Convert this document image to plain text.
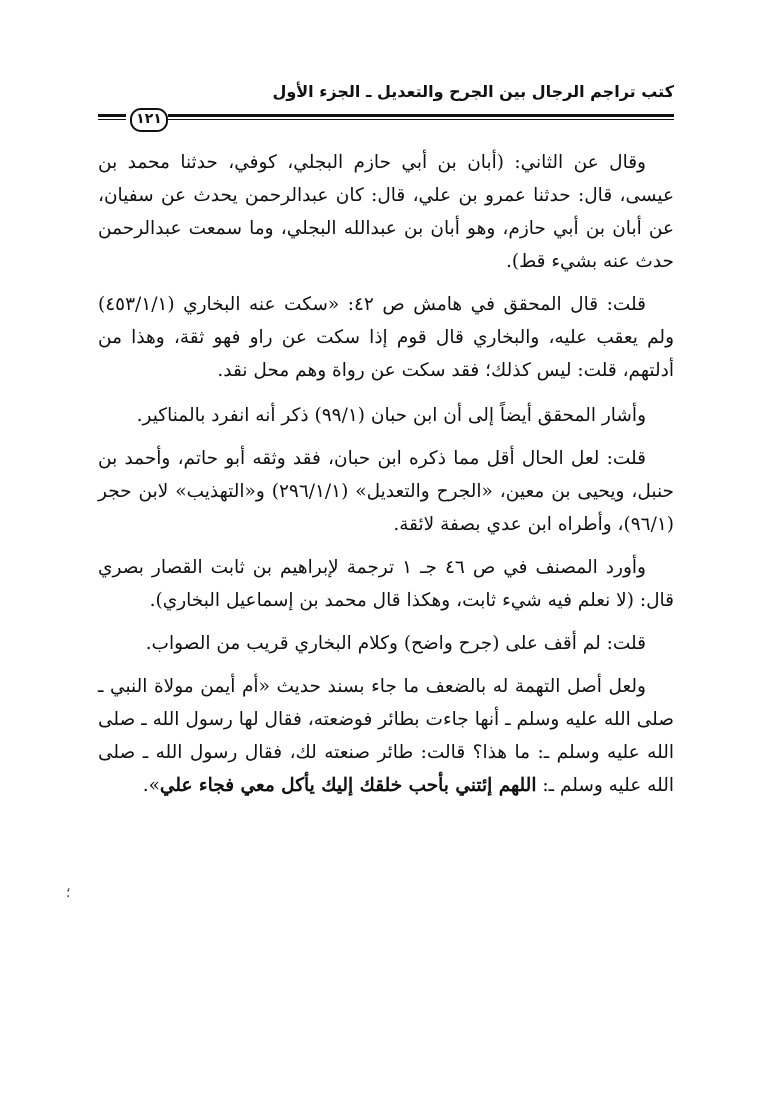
كتب تراجم الرجال بين الجرح والتعديل ـ الجزء الأول
١٢١

وقال عن الثاني: (أبان بن أبي حازم البجلي، كوفي، حدثنا محمد بن عيسى، قال: حدثنا عمرو بن علي، قال: كان عبدالرحمن يحدث عن سفيان، عن أبان بن أبي حازم، وهو أبان بن عبدالله البجلي، وما سمعت عبدالرحمن حدث عنه بشيء قط).

قلت: قال المحقق في هامش ص ٤٢: «سكت عنه البخاري (٤٥٣/١/١) ولم يعقب عليه، والبخاري قال قوم إذا سكت عن راو فهو ثقة، وهذا من أدلتهم، قلت: ليس كذلك؛ فقد سكت عن رواة وهم محل نقد.

وأشار المحقق أيضاً إلى أن ابن حبان (٩٩/١) ذكر أنه انفرد بالمناكير.

قلت: لعل الحال أقل مما ذكره ابن حبان، فقد وثقه أبو حاتم، وأحمد بن حنبل، ويحيى بن معين، «الجرح والتعديل» (٢٩٦/١/١) و«التهذيب» لابن حجر (٩٦/١)، وأطراه ابن عدي بصفة لائقة.

وأورد المصنف في ص ٤٦ جـ ١ ترجمة لإبراهيم بن ثابت القصار بصري قال: (لا نعلم فيه شيء ثابت، وهكذا قال محمد بن إسماعيل البخاري).

قلت: لم أقف على (جرح واضح) وكلام البخاري قريب من الصواب.

ولعل أصل التهمة له بالضعف ما جاء بسند حديث «أم أيمن مولاة النبي ـ صلى الله عليه وسلم ـ أنها جاءت بطائر فوضعته، فقال لها رسول الله ـ صلى الله عليه وسلم ـ: ما هذا؟ قالت: طائر صنعته لك، فقال رسول الله ـ صلى الله عليه وسلم ـ: اللهم إئتني بأحب خلقك إليك يأكل معي فجاء علي».

؛
